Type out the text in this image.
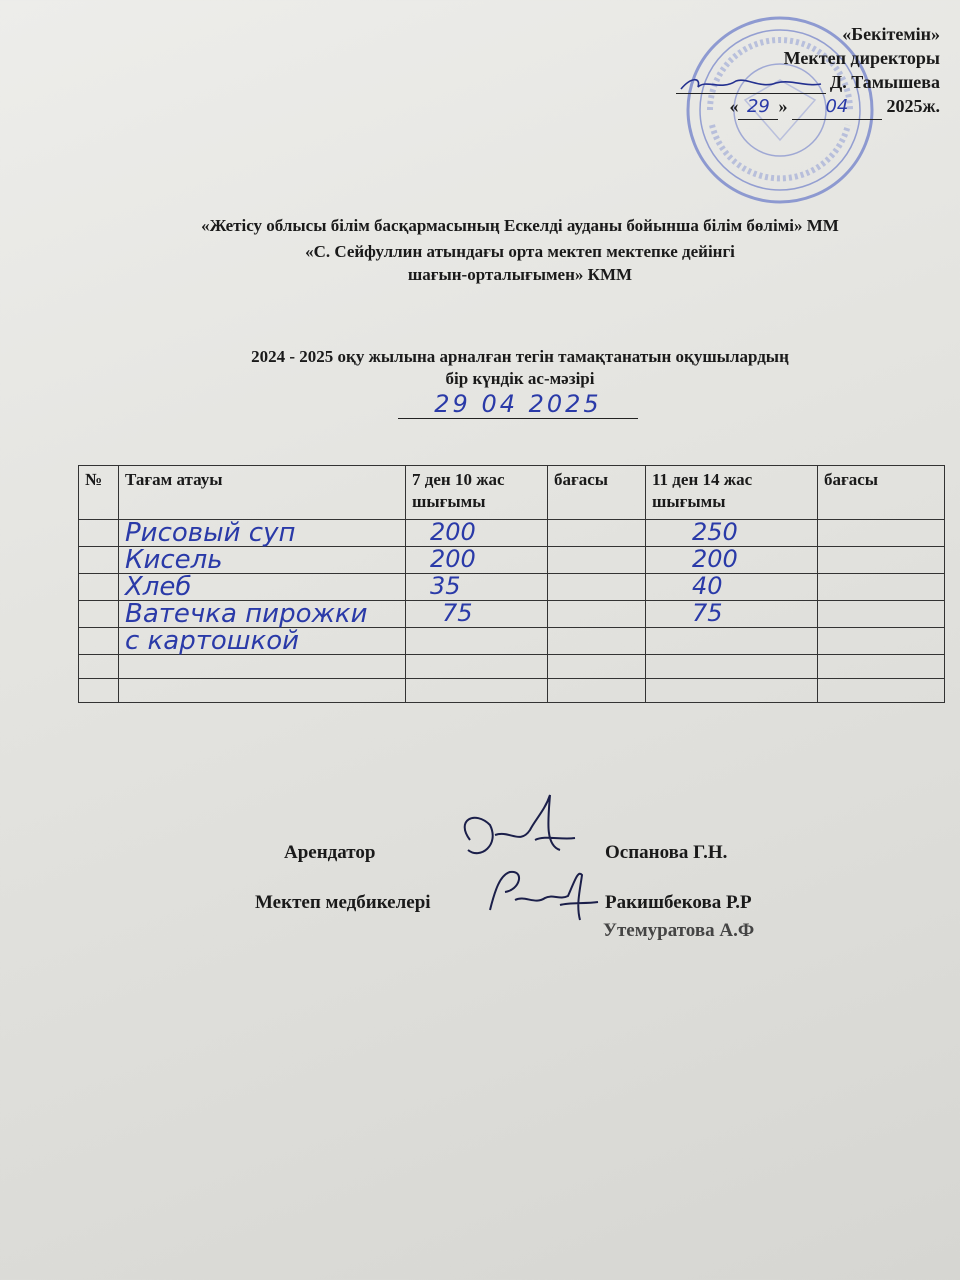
«Бекітемін»
Мектеп директоры
Д. Тамышева
« 29 » 04 2025ж.
«Жетісу облысы білім басқармасының Ескелді ауданы бойынша білім бөлімі» ММ
«С. Сейфуллин атындағы орта мектеп мектепке дейінгі
шағын-орталығымен» КММ
2024 - 2025 оқу жылына арналған тегін тамақтанатын оқушылардың
бір күндік ас-мәзірі
29 04 2025
№	Тағам атауы	7 ден 10 жас шығымы	бағасы	11 ден 14 жас шығымы	бағасы

	Рисовый суп	200		250	

	Кисель	200		200	

	Хлеб	35		40	

	Ватечка пирожки	75		75	

	с картошкой				

Арендатор	Оспанова Г.Н.
Мектеп медбикелері	Ракишбекова Р.Р
Утемуратова А.Ф
